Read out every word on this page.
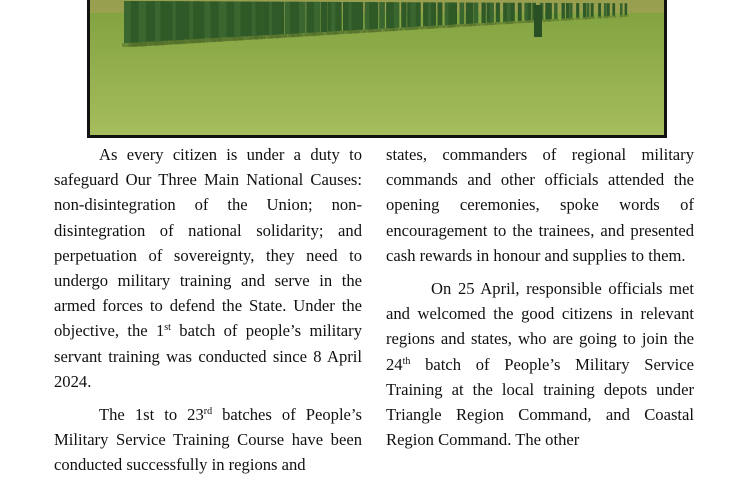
As every citizen is under a duty to safeguard Our Three Main National Causes: non-disintegration of the Union; non-disintegration of national solidarity; and perpetuation of sovereignty, they need to undergo military training and serve in the armed forces to defend the State. Under the objective, the 1st batch of people’s military servant training was conducted since 8 April 2024.

The 1st to 23rd batches of People’s Military Service Training Course have been conducted successfully in regions and

states, commanders of regional military commands and other officials attended the opening ceremonies, spoke words of encouragement to the trainees, and presented cash rewards in honour and supplies to them.

On 25 April, responsible officials met and welcomed the good citizens in relevant regions and states, who are going to join the 24th batch of People’s Military Service Training at the local training depots under Triangle Region Command, and Coastal Region Command. The other
